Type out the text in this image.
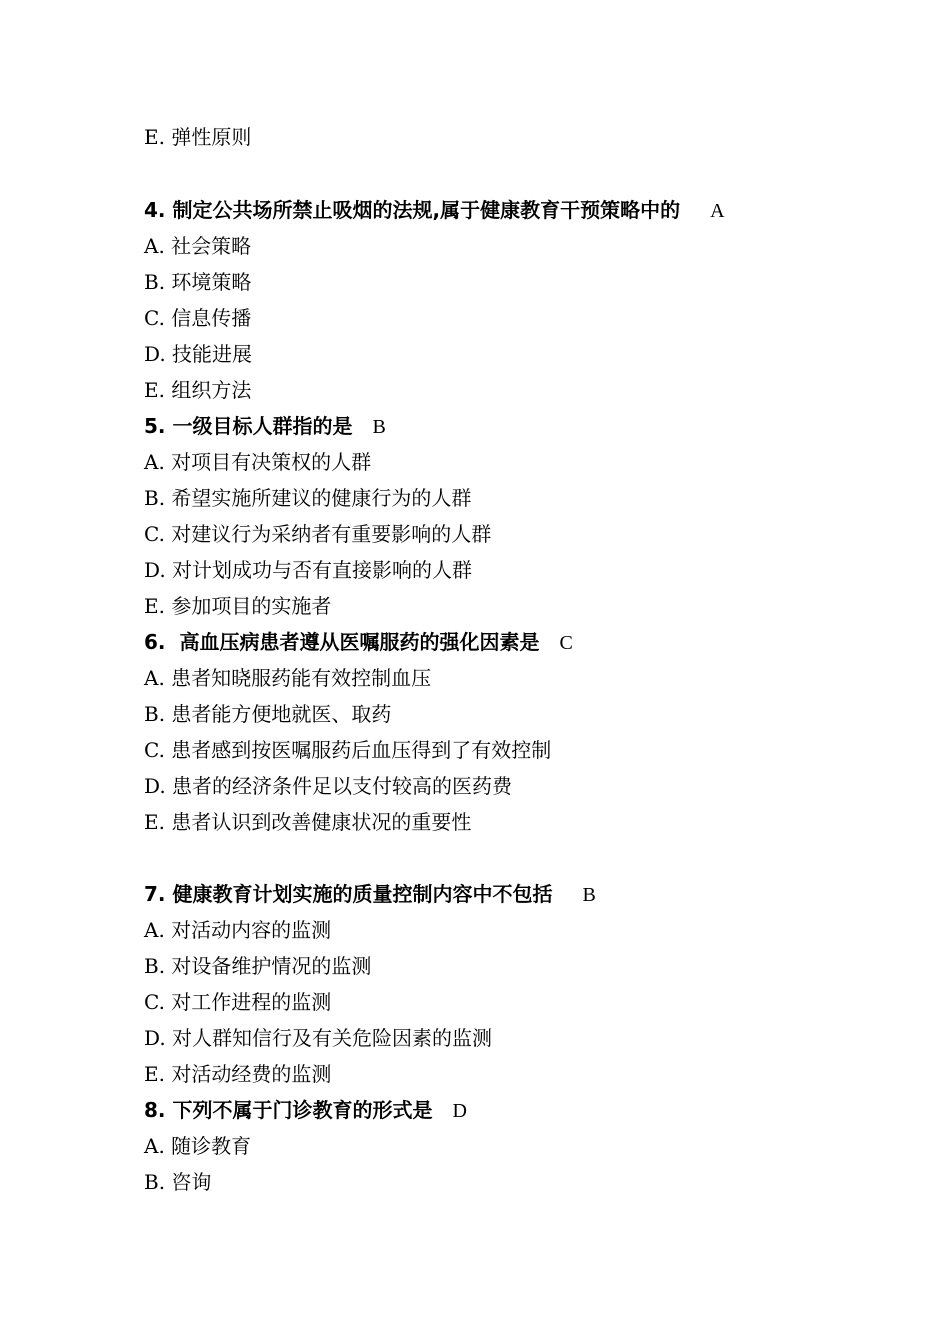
E. 弹性原则
4. 制定公共场所禁止吸烟的法规,属于健康教育干预策略中的 A
A. 社会策略
B. 环境策略
C. 信息传播
D. 技能进展
E. 组织方法
5. 一级目标人群指的是 B
A. 对项目有决策权的人群
B. 希望实施所建议的健康行为的人群
C. 对建议行为采纳者有重要影响的人群
D. 对计划成功与否有直接影响的人群
E. 参加项目的实施者
6.  高血压病患者遵从医嘱服药的强化因素是 C
A. 患者知晓服药能有效控制血压
B. 患者能方便地就医、取药
C. 患者感到按医嘱服药后血压得到了有效控制
D. 患者的经济条件足以支付较高的医药费
E. 患者认识到改善健康状况的重要性
7. 健康教育计划实施的质量控制内容中不包括 B
A. 对活动内容的监测
B. 对设备维护情况的监测
C. 对工作进程的监测
D. 对人群知信行及有关危险因素的监测
E. 对活动经费的监测
8. 下列不属于门诊教育的形式是 D
A. 随诊教育
B. 咨询
